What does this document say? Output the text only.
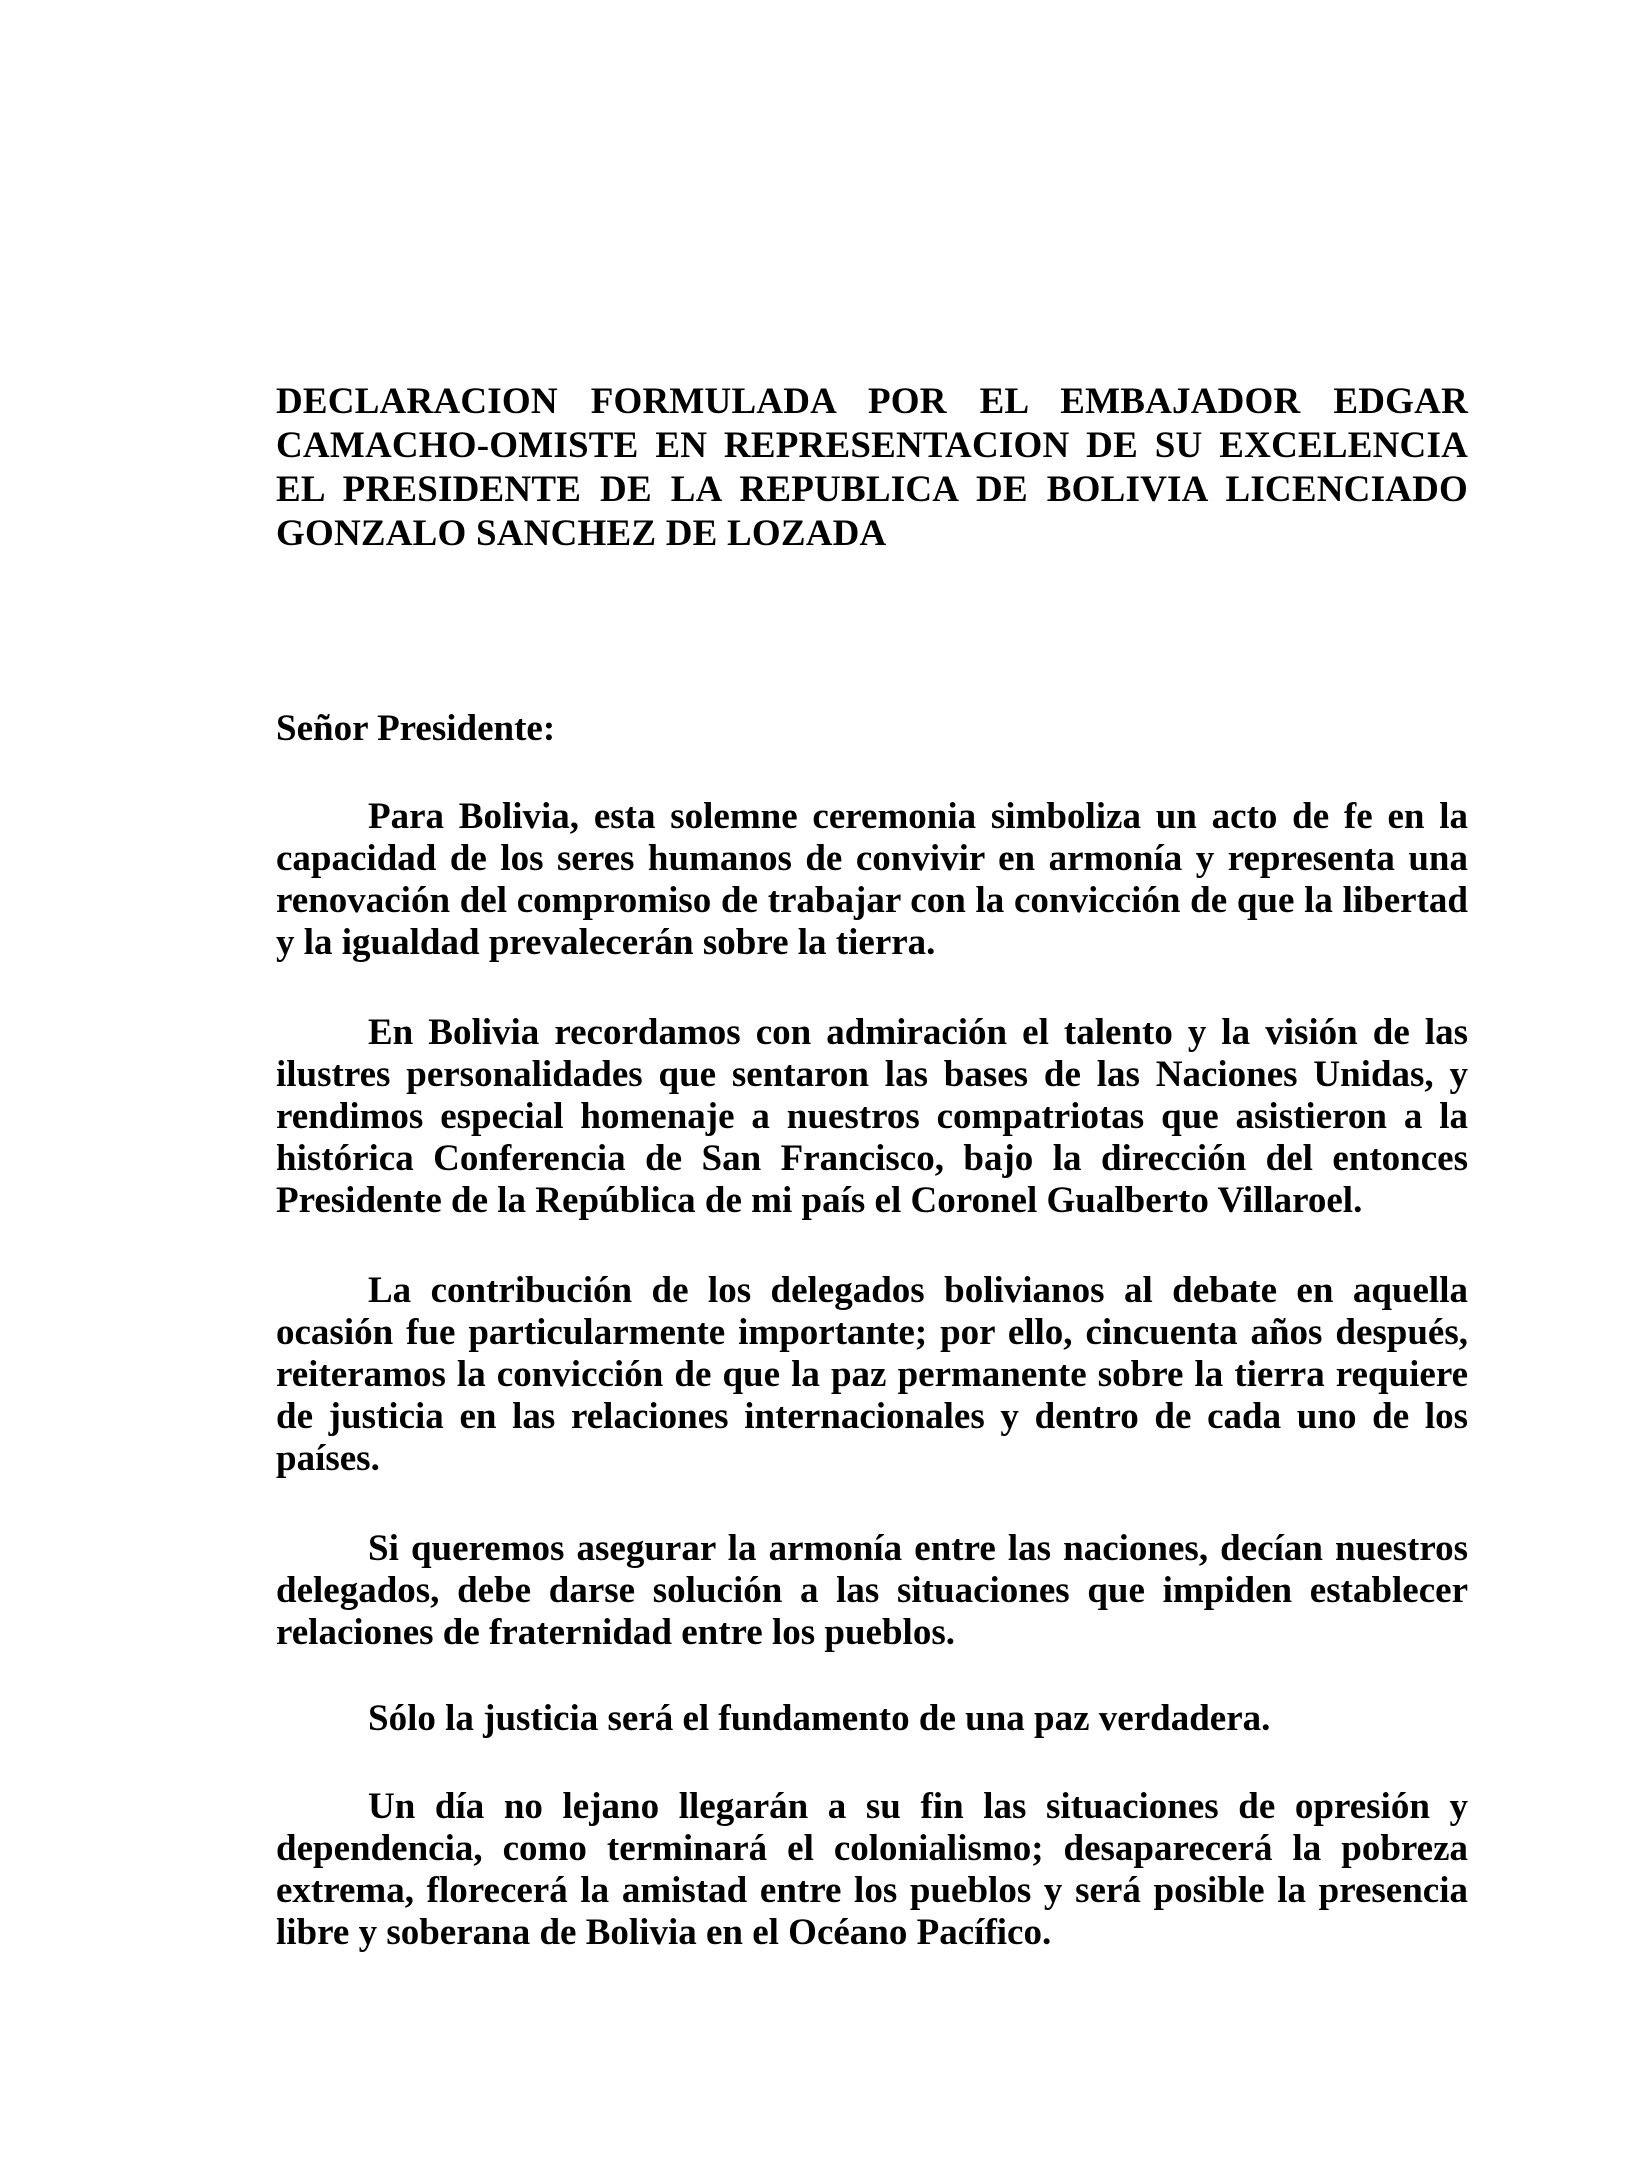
DECLARACION FORMULADA POR EL EMBAJADOR EDGAR CAMACHO-OMISTE EN REPRESENTACION DE SU EXCELENCIA EL PRESIDENTE DE LA REPUBLICA DE BOLIVIA LICENCIADO GONZALO SANCHEZ DE LOZADA

Señor Presidente:

Para Bolivia, esta solemne ceremonia simboliza un acto de fe en la capacidad de los seres humanos de convivir en armonía y representa una renovación del compromiso de trabajar con la convicción de que la libertad y la igualdad prevalecerán sobre la tierra.

En Bolivia recordamos con admiración el talento y la visión de las ilustres personalidades que sentaron las bases de las Naciones Unidas, y rendimos especial homenaje a nuestros compatriotas que asistieron a la histórica Conferencia de San Francisco, bajo la dirección del entonces Presidente de la República de mi país el Coronel Gualberto Villaroel.

La contribución de los delegados bolivianos al debate en aquella ocasión fue particularmente importante; por ello, cincuenta años después, reiteramos la convicción de que la paz permanente sobre la tierra requiere de justicia en las relaciones internacionales y dentro de cada uno de los países.

Si queremos asegurar la armonía entre las naciones, decían nuestros delegados, debe darse solución a las situaciones que impiden establecer relaciones de fraternidad entre los pueblos.

Sólo la justicia será el fundamento de una paz verdadera.

Un día no lejano llegarán a su fin las situaciones de opresión y dependencia, como terminará el colonialismo; desaparecerá la pobreza extrema, florecerá la amistad entre los pueblos y será posible la presencia libre y soberana de Bolivia en el Océano Pacífico.
